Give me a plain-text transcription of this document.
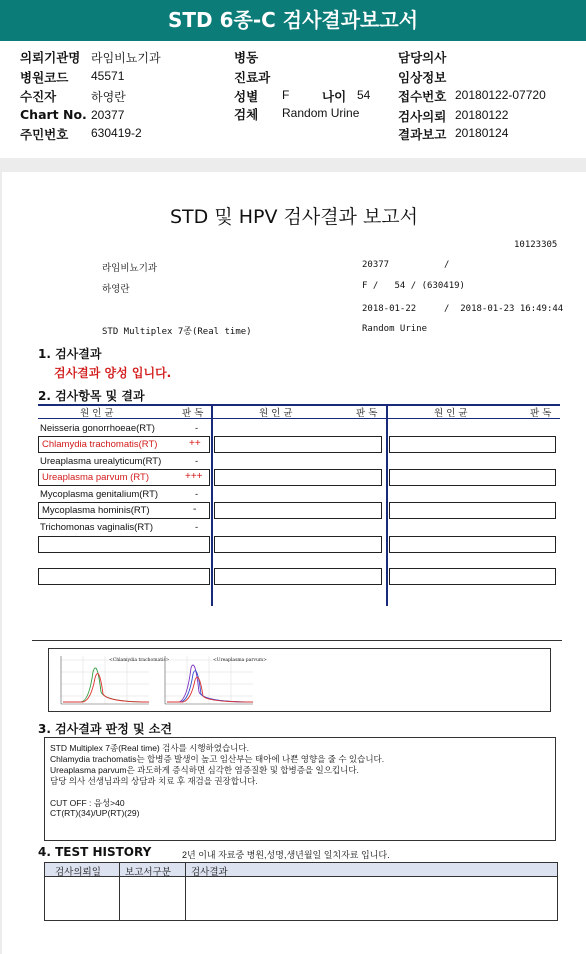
STD 6종-C 검사결과보고서
의뢰기관명 라임비뇨기과
병원코드 45571
수진자	하영란
Chart No. 20377
주민번호 630419-2
병동
진료과
성별 F	나이 54
검체 Random Urine
담당의사
임상정보
접수번호 20180122-07720
검사의뢰 20180122
결과보고 20180124
STD 및 HPV 검사결과 보고서
10123305
라임비뇨기과	20377	/
하영란	F /   54 / (630419)
2018-01-22	/  2018-01-23 16:49:44
STD Multiplex 7종(Real time)	Random Urine
1. 검사결과
검사결과 양성 입니다.
2. 검사항목 및 결과
원 인 균	판 독	원 인 균	판 독	원 인 균	판 독
Neisseria gonorrhoeae(RT)	-
Chlamydia trachomatis(RT)	++
Ureaplasma urealyticum(RT)	-
Ureaplasma parvum (RT)	+++
Mycoplasma genitalium(RT)	-
Mycoplasma hominis(RT)	-
Trichomonas vaginalis(RT)	-
<Chlamydia trachomatis>	<Ureaplasma parvum>
3. 검사결과 판정 및 소견
STD Multiplex 7종(Real time) 검사를 시행하였습니다.
Chlamydia trachomatis는 합병증 발생이 높고 임산부는 태아에 나쁜 영향을 줄 수 있습니다.
Ureaplasma parvum은 과도하게 증식하면 심각한 염증질환 및 합병증을 일으킵니다.
담당 의사 선생님과의 상담과 치료 후 재검을 권장합니다.
CUT OFF : 음성>40
CT(RT)(34)/UP(RT)(29)
4. TEST HISTORY	2년 이내 자료중 병원,성명,생년월일 일치자료 입니다.
검사의뢰일	보고서구분 검사결과
